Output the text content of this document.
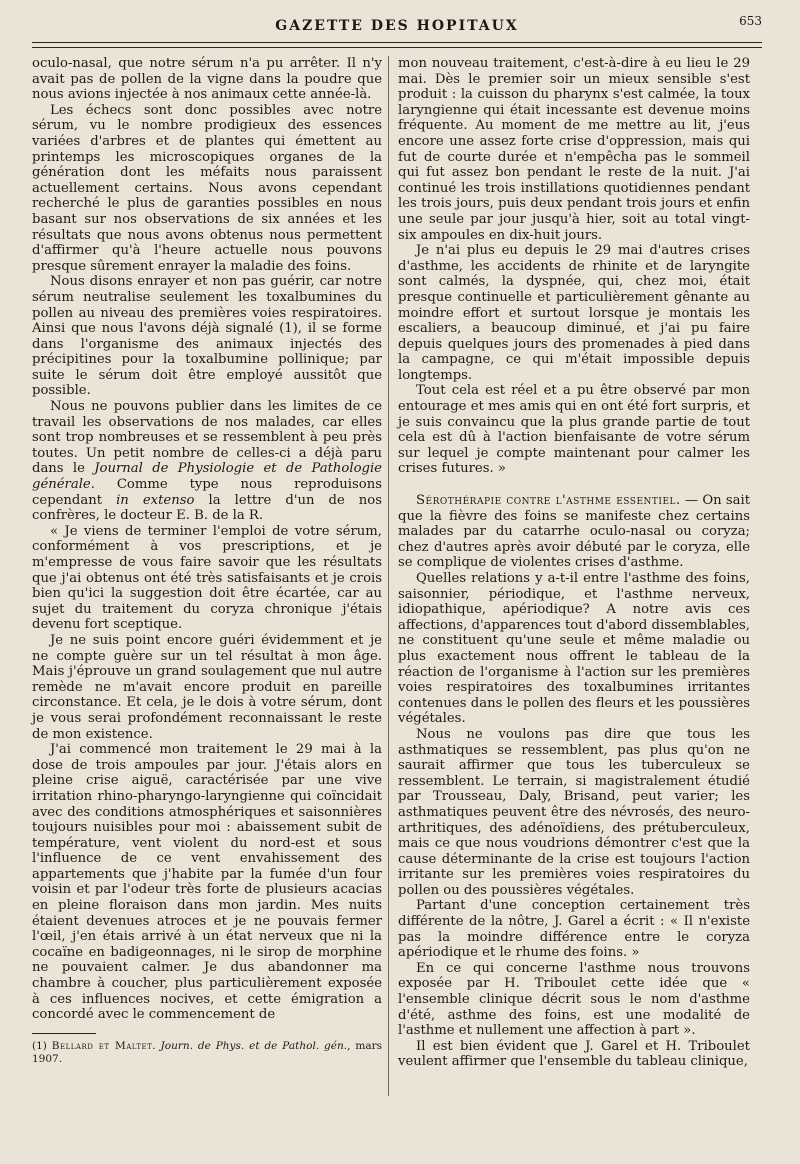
GAZETTE DES HOPITAUX	653

oculo-nasal, que notre sérum n'a pu arrêter. Il n'y avait pas de pollen de la vigne dans la poudre que nous avions injectée à nos animaux cette année-là.

Les échecs sont donc possibles avec notre sérum, vu le nombre prodigieux des essences variées d'arbres et de plantes qui émettent au printemps les microscopiques organes de la génération dont les méfaits nous paraissent actuellement certains. Nous avons cependant recherché le plus de garanties possibles en nous basant sur nos observations de six années et les résultats que nous avons obtenus nous permettent d'affirmer qu'à l'heure actuelle nous pouvons presque sûrement enrayer la maladie des foins.

Nous disons enrayer et non pas guérir, car notre sérum neutralise seulement les toxalbumines du pollen au niveau des premières voies respiratoires. Ainsi que nous l'avons déjà signalé (1), il se forme dans l'organisme des animaux injectés des précipitines pour la toxalbumine pollinique; par suite le sérum doit être employé aussitôt que possible.

Nous ne pouvons publier dans les limites de ce travail les observations de nos malades, car elles sont trop nombreuses et se ressemblent à peu près toutes. Un petit nombre de celles-ci a déjà paru dans le Journal de Physiologie et de Pathologie générale. Comme type nous reproduisons cependant in extenso la lettre d'un de nos confrères, le docteur E. B. de la R.

« Je viens de terminer l'emploi de votre sérum, conformément à vos prescriptions, et je m'empresse de vous faire savoir que les résultats que j'ai obtenus ont été très satisfaisants et je crois bien qu'ici la suggestion doit être écartée, car au sujet du traitement du coryza chronique j'étais devenu fort sceptique.

Je ne suis point encore guéri évidemment et je ne compte guère sur un tel résultat à mon âge. Mais j'éprouve un grand soulagement que nul autre remède ne m'avait encore produit en pareille circonstance. Et cela, je le dois à votre sérum, dont je vous serai profondément reconnaissant le reste de mon existence.

J'ai commencé mon traitement le 29 mai à la dose de trois ampoules par jour. J'étais alors en pleine crise aiguë, caractérisée par une vive irritation rhino-pharyngo-laryngienne qui coïncidait avec des conditions atmosphériques et saisonnières toujours nuisibles pour moi : abaissement subit de température, vent violent du nord-est et sous l'influence de ce vent envahissement des appartements que j'habite par la fumée d'un four voisin et par l'odeur très forte de plusieurs acacias en pleine floraison dans mon jardin. Mes nuits étaient devenues atroces et je ne pouvais fermer l'œil, j'en étais arrivé à un état nerveux que ni la cocaïne en badigeonnages, ni le sirop de morphine ne pouvaient calmer. Je dus abandonner ma chambre à coucher, plus particulièrement exposée à ces influences nocives, et cette émigration a concordé avec le commencement de

(1) Bellard et Maltet. Journ. de Phys. et de Pathol. gén., mars 1907.

mon nouveau traitement, c'est-à-dire à eu lieu le 29 mai. Dès le premier soir un mieux sensible s'est produit : la cuisson du pharynx s'est calmée, la toux laryngienne qui était incessante est devenue moins fréquente. Au moment de me mettre au lit, j'eus encore une assez forte crise d'oppression, mais qui fut de courte durée et n'empêcha pas le sommeil qui fut assez bon pendant le reste de la nuit. J'ai continué les trois instillations quotidiennes pendant les trois jours, puis deux pendant trois jours et enfin une seule par jour jusqu'à hier, soit au total vingt-six ampoules en dix-huit jours.

Je n'ai plus eu depuis le 29 mai d'autres crises d'asthme, les accidents de rhinite et de laryngite sont calmés, la dyspnée, qui, chez moi, était presque continuelle et particulièrement gênante au moindre effort et surtout lorsque je montais les escaliers, a beaucoup diminué, et j'ai pu faire depuis quelques jours des promenades à pied dans la campagne, ce qui m'était impossible depuis longtemps.

Tout cela est réel et a pu être observé par mon entourage et mes amis qui en ont été fort surpris, et je suis convaincu que la plus grande partie de tout cela est dû à l'action bienfaisante de votre sérum sur lequel je compte maintenant pour calmer les crises futures. »

Sérothérapie contre l'asthme essentiel. — On sait que la fièvre des foins se manifeste chez certains malades par du catarrhe oculo-nasal ou coryza; chez d'autres après avoir débuté par le coryza, elle se complique de violentes crises d'asthme.

Quelles relations y a-t-il entre l'asthme des foins, saisonnier, périodique, et l'asthme nerveux, idiopathique, apériodique? A notre avis ces affections, d'apparences tout d'abord dissemblables, ne constituent qu'une seule et même maladie ou plus exactement nous offrent le tableau de la réaction de l'organisme à l'action sur les premières voies respiratoires des toxalbumines irritantes contenues dans le pollen des fleurs et les poussières végétales.

Nous ne voulons pas dire que tous les asthmatiques se ressemblent, pas plus qu'on ne saurait affirmer que tous les tuberculeux se ressemblent. Le terrain, si magistralement étudié par Trousseau, Daly, Brisand, peut varier; les asthmatiques peuvent être des névrosés, des neuro-arthritiques, des adénoïdiens, des prétuberculeux, mais ce que nous voudrions démontrer c'est que la cause déterminante de la crise est toujours l'action irritante sur les premières voies respiratoires du pollen ou des poussières végétales.

Partant d'une conception certainement très différente de la nôtre, J. Garel a écrit : « Il n'existe pas la moindre différence entre le coryza apériodique et le rhume des foins. »

En ce qui concerne l'asthme nous trouvons exposée par H. Triboulet cette idée que « l'ensemble clinique décrit sous le nom d'asthme d'été, asthme des foins, est une modalité de l'asthme et nullement une affection à part ».

Il est bien évident que J. Garel et H. Triboulet veulent affirmer que l'ensemble du tableau clinique,
